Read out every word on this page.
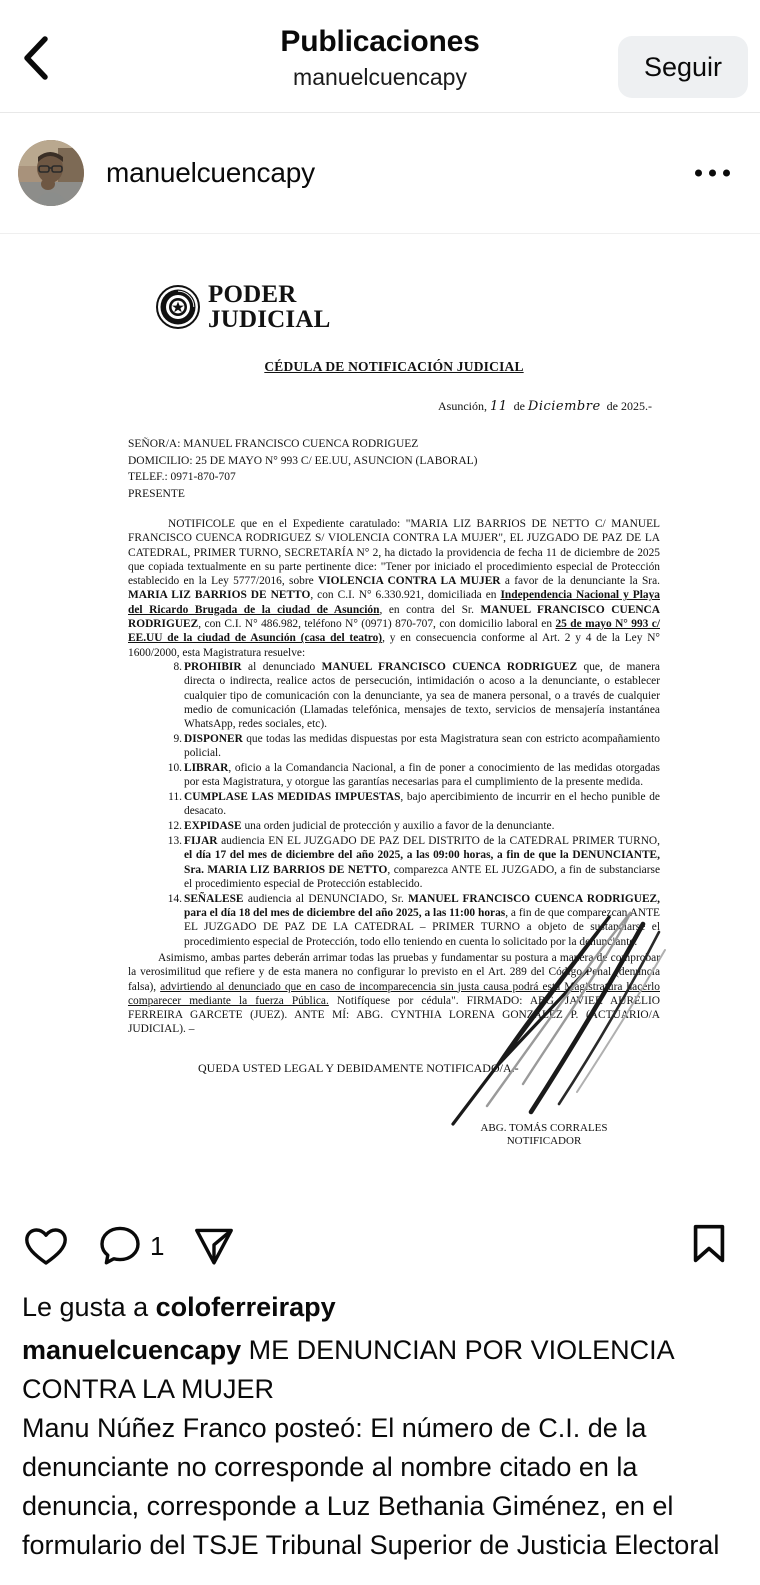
Publicaciones
manuelcuencapy	Seguir
manuelcuencapy
PODER
JUDICIAL
CÉDULA DE NOTIFICACIÓN JUDICIAL
Asunción, 11 de Diciembre de 2025.-
SEÑOR/A: MANUEL FRANCISCO CUENCA RODRIGUEZ
DOMICILIO: 25 DE MAYO N° 993 C/ EE.UU, ASUNCION (LABORAL)
TELEF.: 0971-870-707
PRESENTE
NOTIFICOLE que en el Expediente caratulado: "MARIA LIZ BARRIOS DE NETTO C/ MANUEL FRANCISCO CUENCA RODRIGUEZ S/ VIOLENCIA CONTRA LA MUJER", EL JUZGADO DE PAZ DE LA CATEDRAL, PRIMER TURNO, SECRETARÍA N° 2, ha dictado la providencia de fecha 11 de diciembre de 2025 que copiada textualmente en su parte pertinente dice: "Tener por iniciado el procedimiento especial de Protección establecido en la Ley 5777/2016, sobre VIOLENCIA CONTRA LA MUJER a favor de la denunciante la Sra. MARIA LIZ BARRIOS DE NETTO, con C.I. N° 6.330.921, domiciliada en Independencia Nacional y Playa del Ricardo Brugada de la ciudad de Asunción, en contra del Sr. MANUEL FRANCISCO CUENCA RODRIGUEZ, con C.I. N° 486.982, teléfono N° (0971) 870-707, con domicilio laboral en 25 de mayo N° 993 c/ EE.UU de la ciudad de Asunción (casa del teatro), y en consecuencia conforme al Art. 2 y 4 de la Ley N° 1600/2000, esta Magistratura resuelve:
8. PROHIBIR al denunciado MANUEL FRANCISCO CUENCA RODRIGUEZ que, de manera directa o indirecta, realice actos de persecución, intimidación o acoso a la denunciante, o establecer cualquier tipo de comunicación con la denunciante, ya sea de manera personal, o a través de cualquier medio de comunicación (Llamadas telefónica, mensajes de texto, servicios de mensajería instantánea WhatsApp, redes sociales, etc).
9. DISPONER que todas las medidas dispuestas por esta Magistratura sean con estricto acompañamiento policial.
10. LIBRAR, oficio a la Comandancia Nacional, a fin de poner a conocimiento de las medidas otorgadas por esta Magistratura, y otorgue las garantías necesarias para el cumplimiento de la presente medida.
11. CUMPLASE LAS MEDIDAS IMPUESTAS, bajo apercibimiento de incurrir en el hecho punible de desacato.
12. EXPIDASE una orden judicial de protección y auxilio a favor de la denunciante.
13. FIJAR audiencia EN EL JUZGADO DE PAZ DEL DISTRITO de la CATEDRAL PRIMER TURNO, el día 17 del mes de diciembre del año 2025, a las 09:00 horas, a fin de que la DENUNCIANTE, Sra. MARIA LIZ BARRIOS DE NETTO, comparezca ANTE EL JUZGADO, a fin de substanciarse el procedimiento especial de Protección establecido.
14. SEÑALESE audiencia al DENUNCIADO, Sr. MANUEL FRANCISCO CUENCA RODRIGUEZ, para el día 18 del mes de diciembre del año 2025, a las 11:00 horas, a fin de que comparezcan ANTE EL JUZGADO DE PAZ DE LA CATEDRAL – PRIMER TURNO a objeto de sustanciarse el procedimiento especial de Protección, todo ello teniendo en cuenta lo solicitado por la denunciante.
Asimismo, ambas partes deberán arrimar todas las pruebas y fundamentar su postura a manera de comprobar la verosimilitud que refiere y de esta manera no configurar lo previsto en el Art. 289 del Código Penal (denuncia falsa), advirtiendo al denunciado que en caso de incomparecencia sin justa causa podrá esta Magistratura hacerlo comparecer mediante la fuerza Pública. Notifíquese por cédula". FIRMADO: ABG. JAVIER AURELIO FERREIRA GARCETE (JUEZ). ANTE MÍ: ABG. CYNTHIA LORENA GONZÁLEZ P. (ACTUARIO/A JUDICIAL). –
QUEDA USTED LEGAL Y DEBIDAMENTE NOTIFICADO/A.-
ABG. TOMÁS CORRALES
NOTIFICADOR
1
Le gusta a coloferreirapy
manuelcuencapy ME DENUNCIAN POR VIOLENCIA CONTRA LA MUJER
Manu Núñez Franco posteó: El número de C.I. de la denunciante no corresponde al nombre citado en la denuncia, corresponde a Luz Bethania Giménez, en el formulario del TSJE Tribunal Superior de Justicia Electoral
